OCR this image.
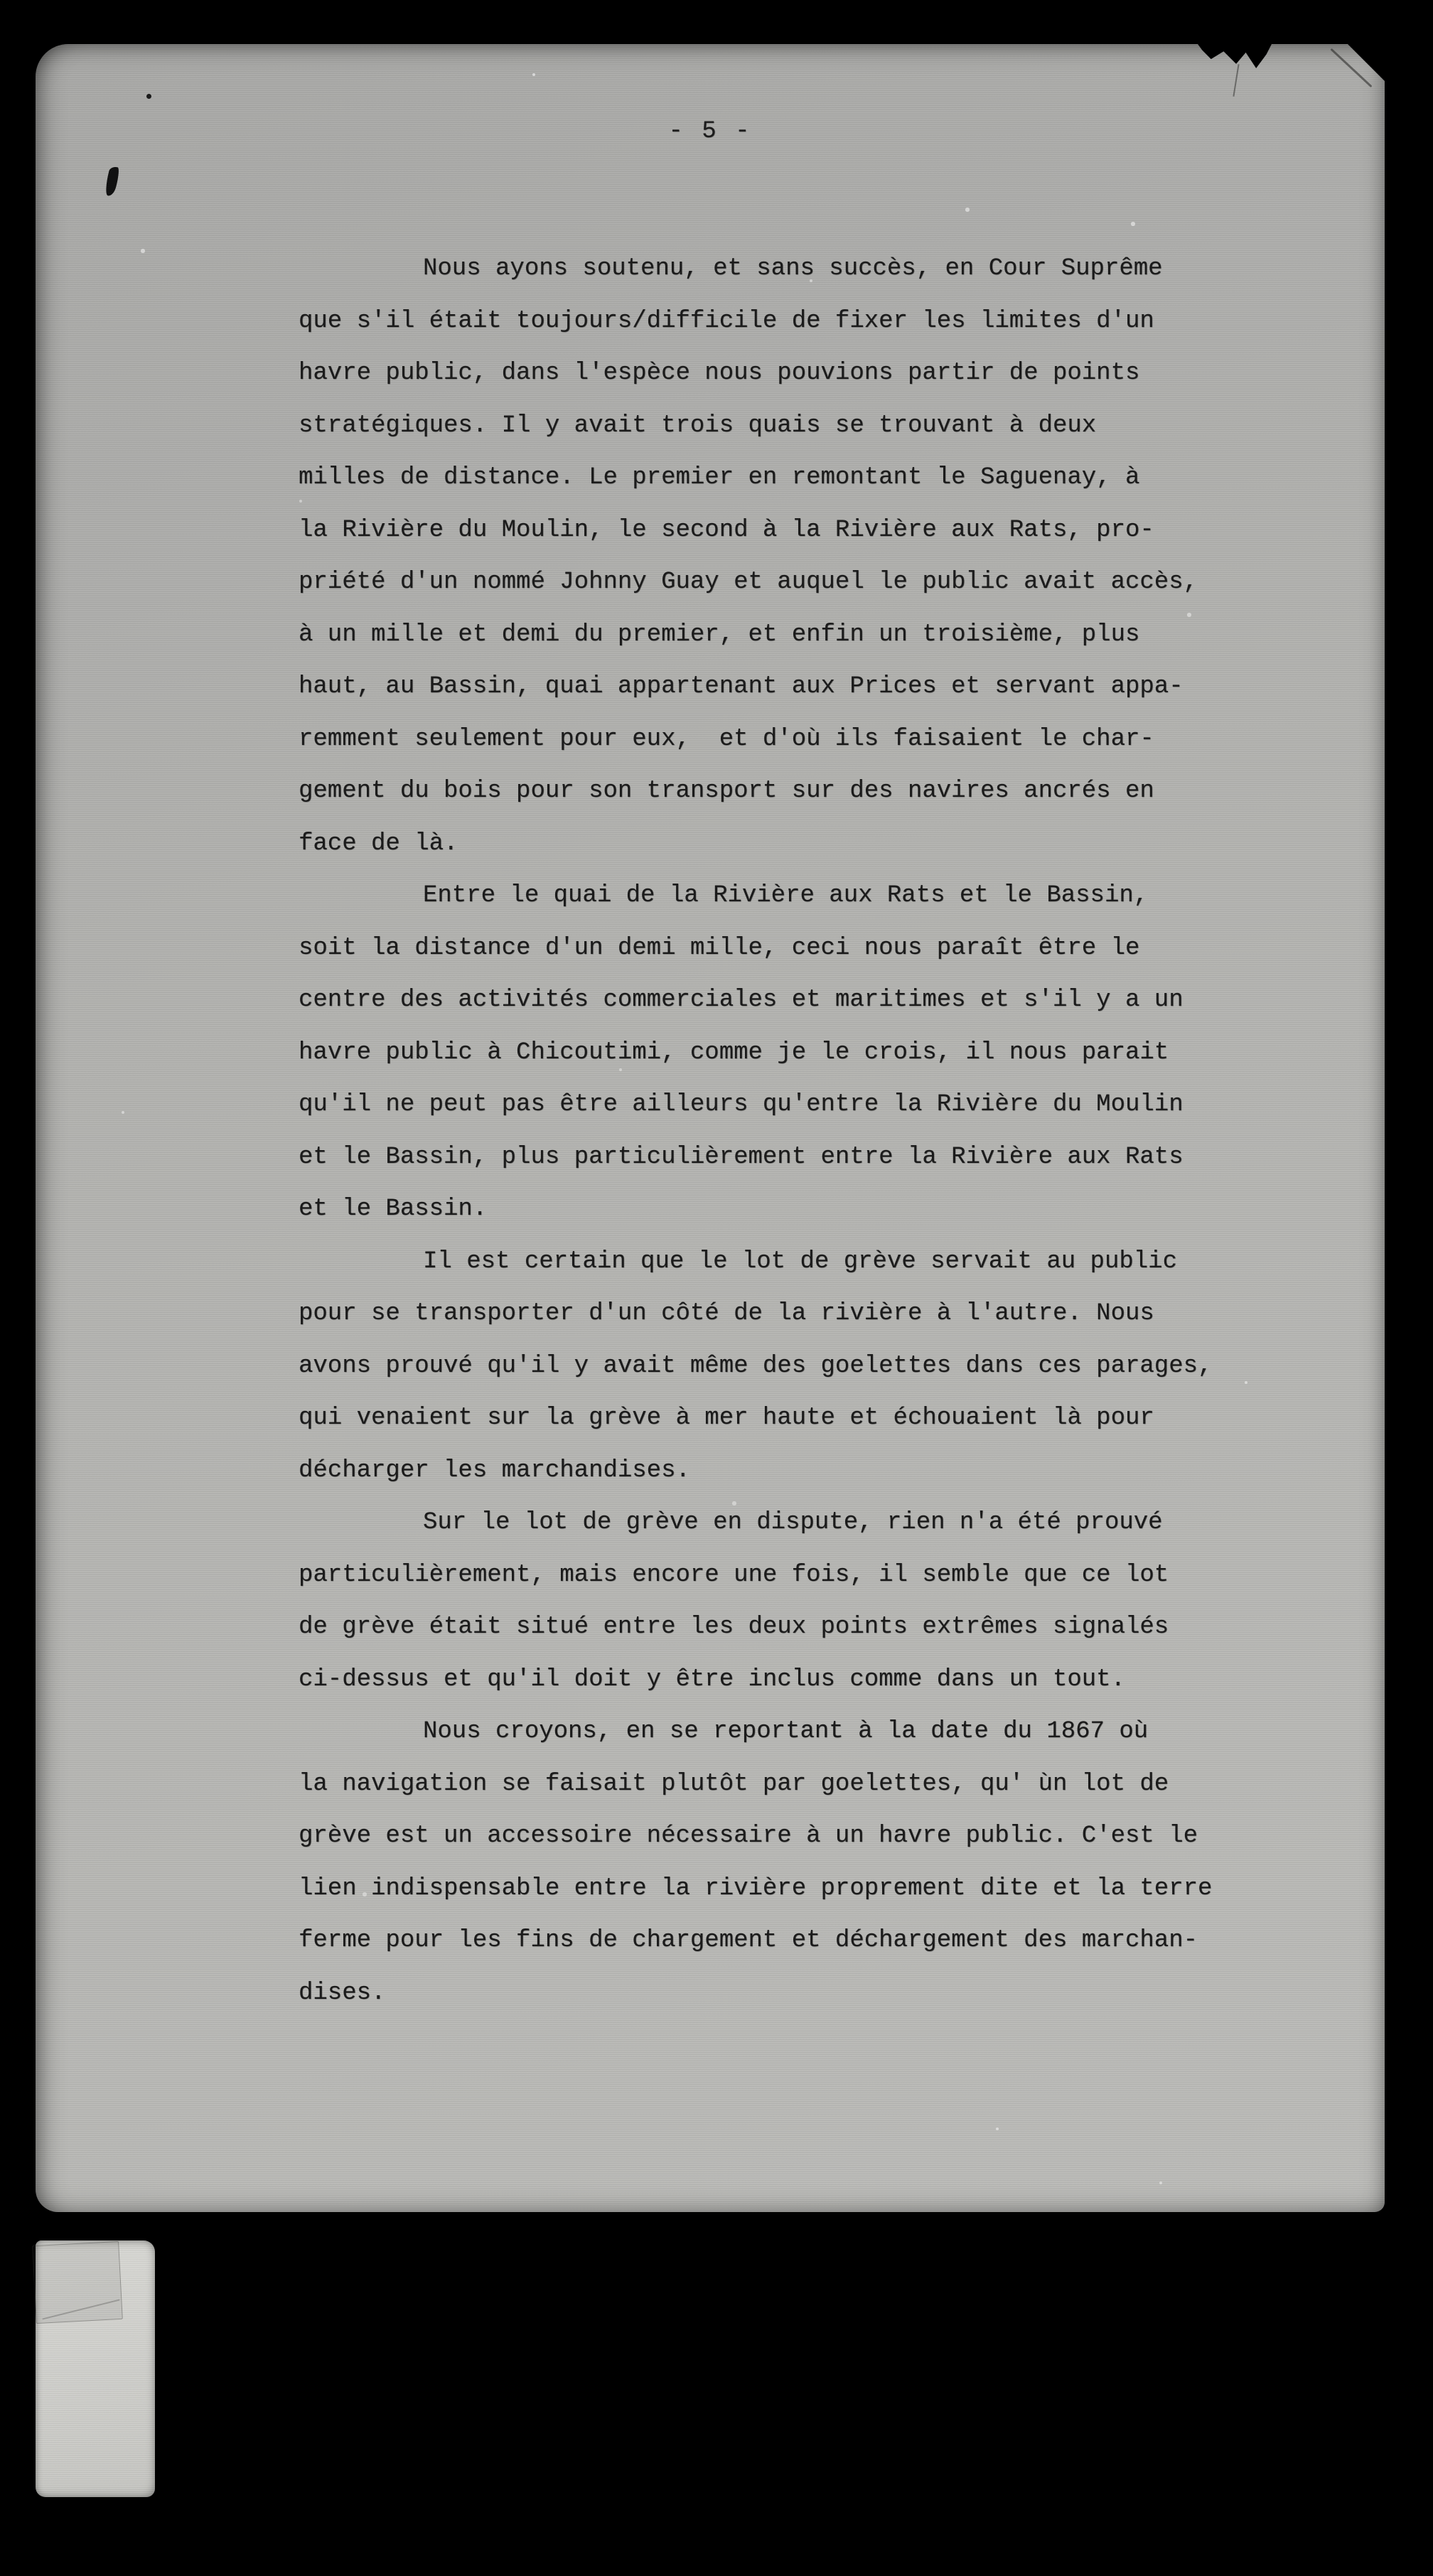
- 5 -
Nous ayons soutenu, et sans succès, en Cour Suprême
que s'il était toujours/difficile de fixer les limites d'un
havre public, dans l'espèce nous pouvions partir de points
stratégiques. Il y avait trois quais se trouvant à deux
milles de distance. Le premier en remontant le Saguenay, à
la Rivière du Moulin, le second à la Rivière aux Rats, pro-
priété d'un nommé Johnny Guay et auquel le public avait accès,
à un mille et demi du premier, et enfin un troisième, plus
haut, au Bassin, quai appartenant aux Prices et servant appa-
remment seulement pour eux,  et d'où ils faisaient le char-
gement du bois pour son transport sur des navires ancrés en
face de là.
Entre le quai de la Rivière aux Rats et le Bassin,
soit la distance d'un demi mille, ceci nous paraît être le
centre des activités commerciales et maritimes et s'il y a un
havre public à Chicoutimi, comme je le crois, il nous parait
qu'il ne peut pas être ailleurs qu'entre la Rivière du Moulin
et le Bassin, plus particulièrement entre la Rivière aux Rats
et le Bassin.
Il est certain que le lot de grève servait au public
pour se transporter d'un côté de la rivière à l'autre. Nous
avons prouvé qu'il y avait même des goelettes dans ces parages,
qui venaient sur la grève à mer haute et échouaient là pour
décharger les marchandises.
Sur le lot de grève en dispute, rien n'a été prouvé
particulièrement, mais encore une fois, il semble que ce lot
de grève était situé entre les deux points extrêmes signalés
ci-dessus et qu'il doit y être inclus comme dans un tout.
Nous croyons, en se reportant à la date du 1867 où
la navigation se faisait plutôt par goelettes, qu' ùn lot de
grève est un accessoire nécessaire à un havre public. C'est le
lien indispensable entre la rivière proprement dite et la terre
ferme pour les fins de chargement et déchargement des marchan-
dises.
